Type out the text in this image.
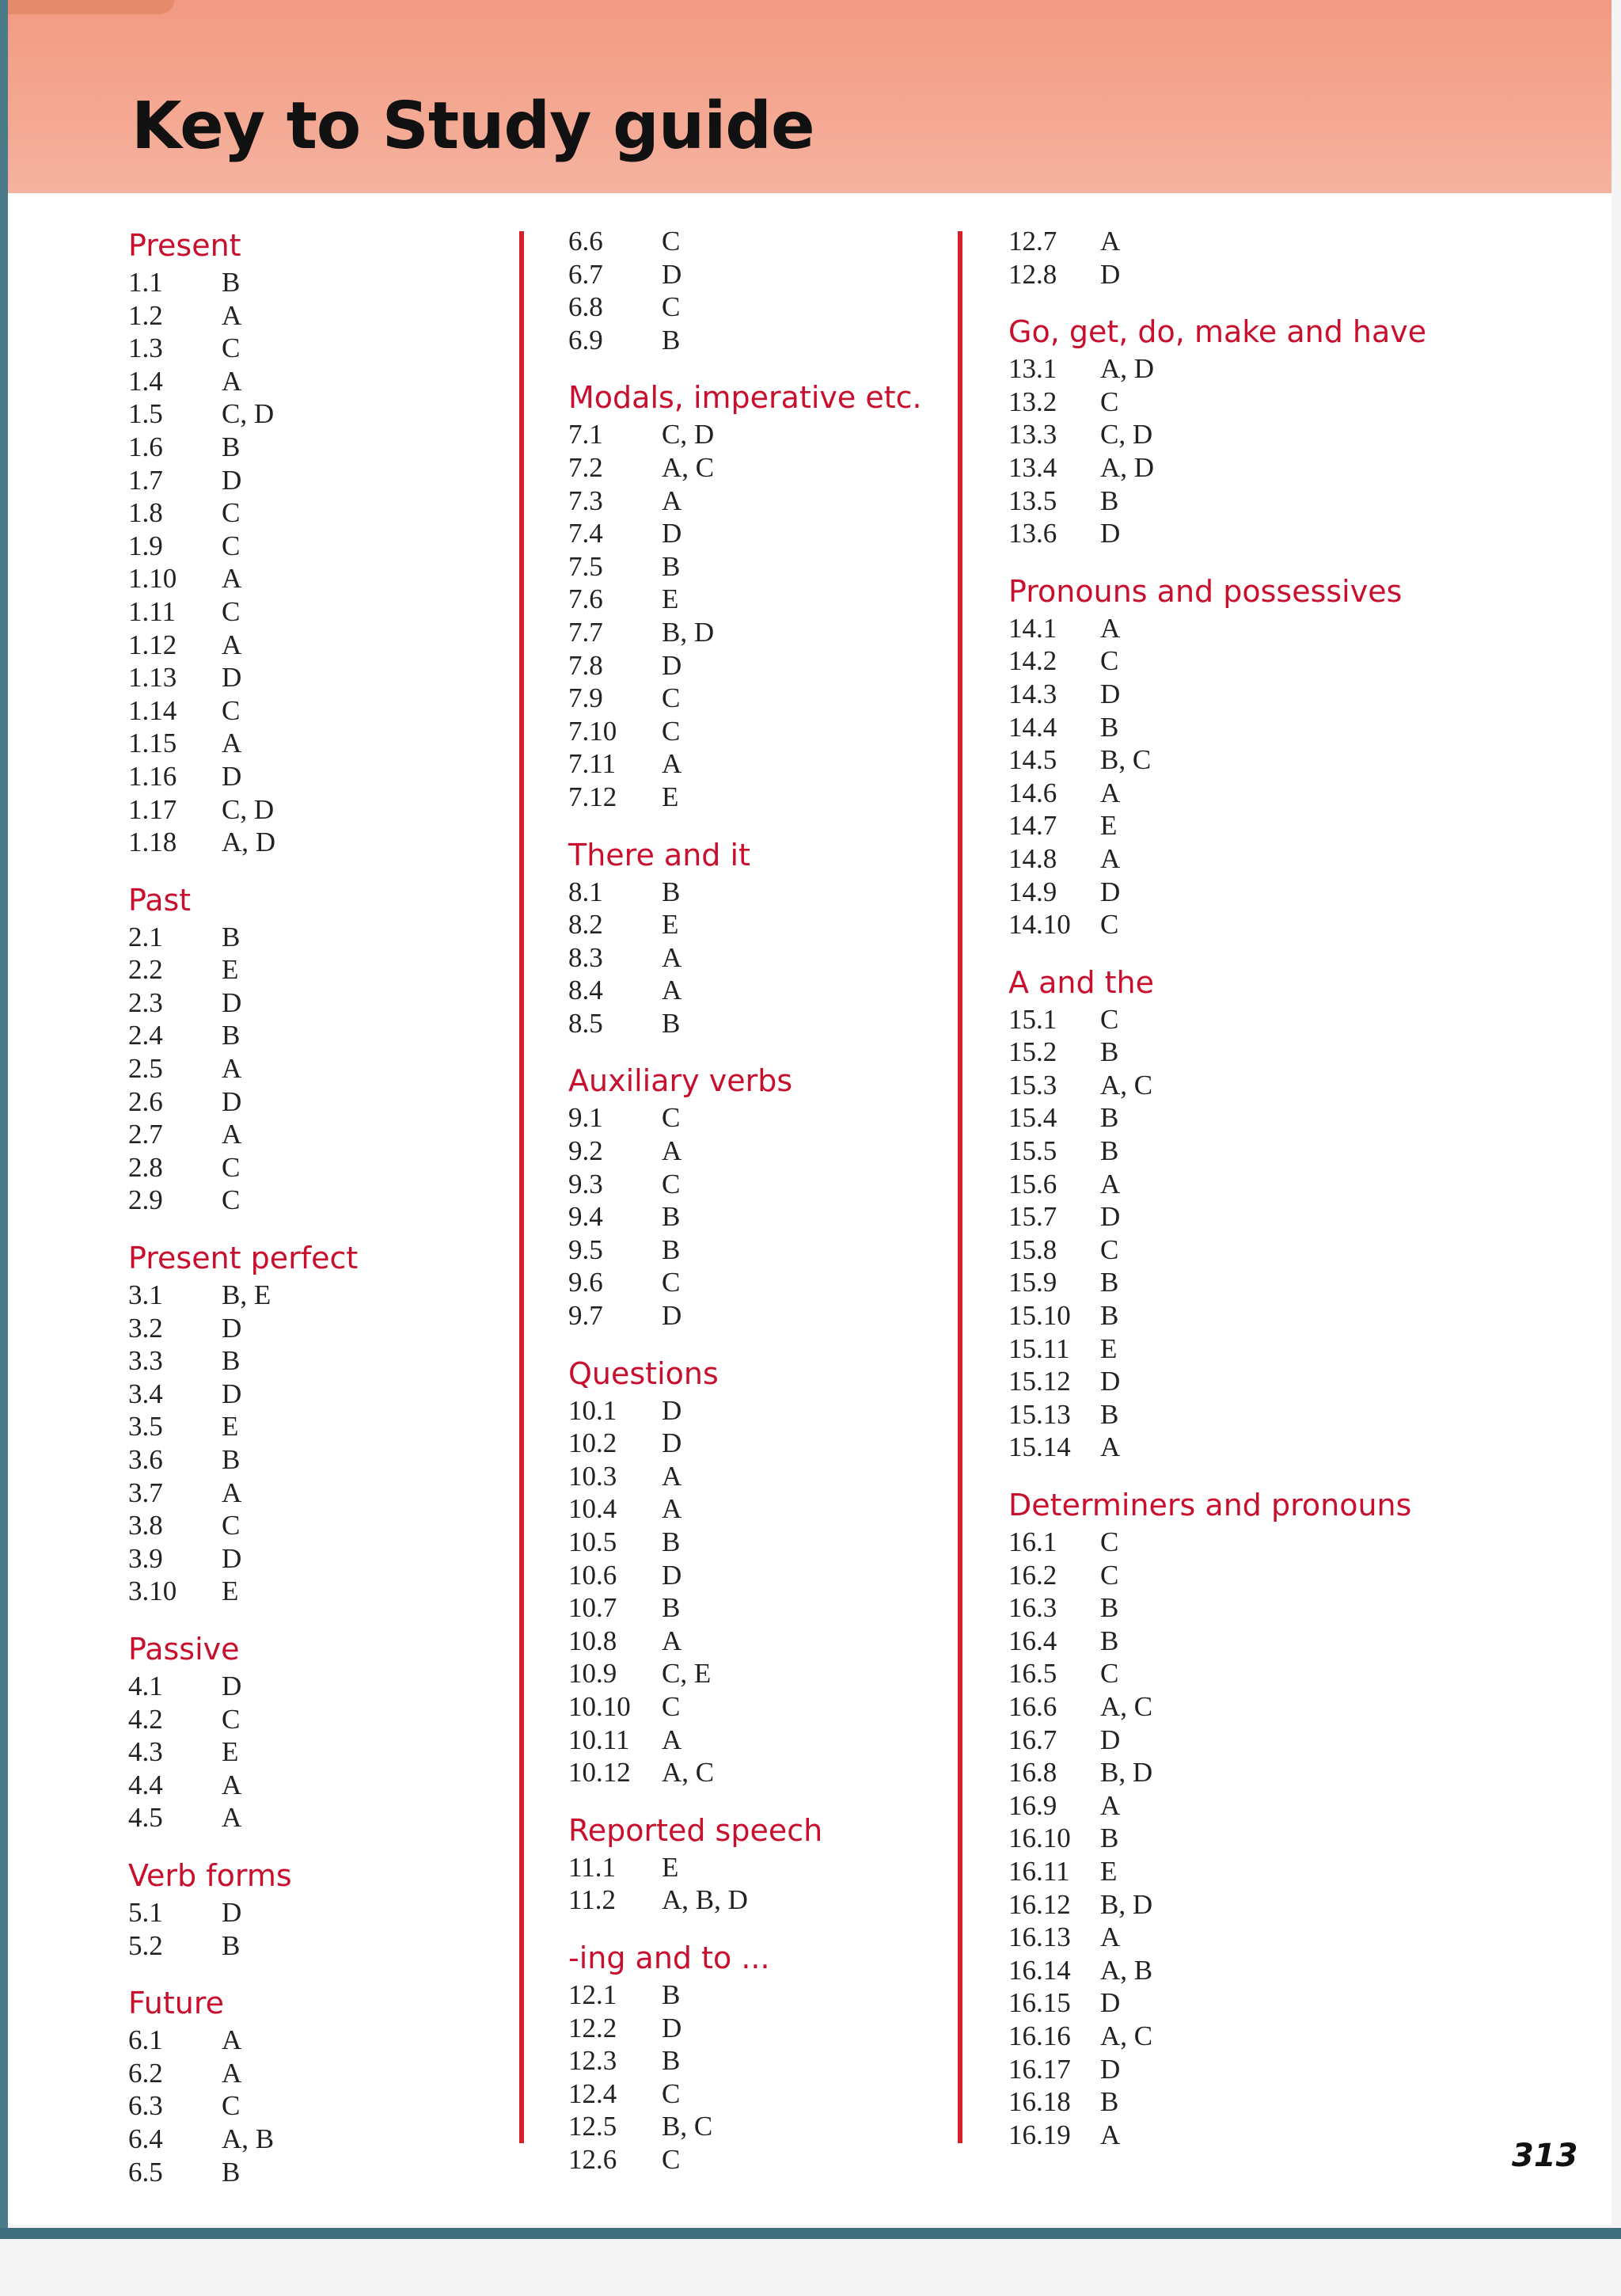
Key to Study guide
Present
1.1 B
1.2 A
1.3 C
1.4 A
1.5 C, D
1.6 B
1.7 D
1.8 C
1.9 C
1.10 A
1.11 C
1.12 A
1.13 D
1.14 C
1.15 A
1.16 D
1.17 C, D
1.18 A, D
Past
2.1 B
2.2 E
2.3 D
2.4 B
2.5 A
2.6 D
2.7 A
2.8 C
2.9 C
Present perfect
3.1 B, E
3.2 D
3.3 B
3.4 D
3.5 E
3.6 B
3.7 A
3.8 C
3.9 D
3.10 E
Passive
4.1 D
4.2 C
4.3 E
4.4 A
4.5 A
Verb forms
5.1 D
5.2 B
Future
6.1 A
6.2 A
6.3 C
6.4 A, B
6.5 B
6.6 C
6.7 D
6.8 C
6.9 B
Modals, imperative etc.
7.1 C, D
7.2 A, C
7.3 A
7.4 D
7.5 B
7.6 E
7.7 B, D
7.8 D
7.9 C
7.10 C
7.11 A
7.12 E
There and it
8.1 B
8.2 E
8.3 A
8.4 A
8.5 B
Auxiliary verbs
9.1 C
9.2 A
9.3 C
9.4 B
9.5 B
9.6 C
9.7 D
Questions
10.1 D
10.2 D
10.3 A
10.4 A
10.5 B
10.6 D
10.7 B
10.8 A
10.9 C, E
10.10 C
10.11 A
10.12 A, C
Reported speech
11.1 E
11.2 A, B, D
-ing and to ...
12.1 B
12.2 D
12.3 B
12.4 C
12.5 B, C
12.6 C
12.7 A
12.8 D
Go, get, do, make and have
13.1 A, D
13.2 C
13.3 C, D
13.4 A, D
13.5 B
13.6 D
Pronouns and possessives
14.1 A
14.2 C
14.3 D
14.4 B
14.5 B, C
14.6 A
14.7 E
14.8 A
14.9 D
14.10 C
A and the
15.1 C
15.2 B
15.3 A, C
15.4 B
15.5 B
15.6 A
15.7 D
15.8 C
15.9 B
15.10 B
15.11 E
15.12 D
15.13 B
15.14 A
Determiners and pronouns
16.1 C
16.2 C
16.3 B
16.4 B
16.5 C
16.6 A, C
16.7 D
16.8 B, D
16.9 A
16.10 B
16.11 E
16.12 B, D
16.13 A
16.14 A, B
16.15 D
16.16 A, C
16.17 D
16.18 B
16.19 A
313
